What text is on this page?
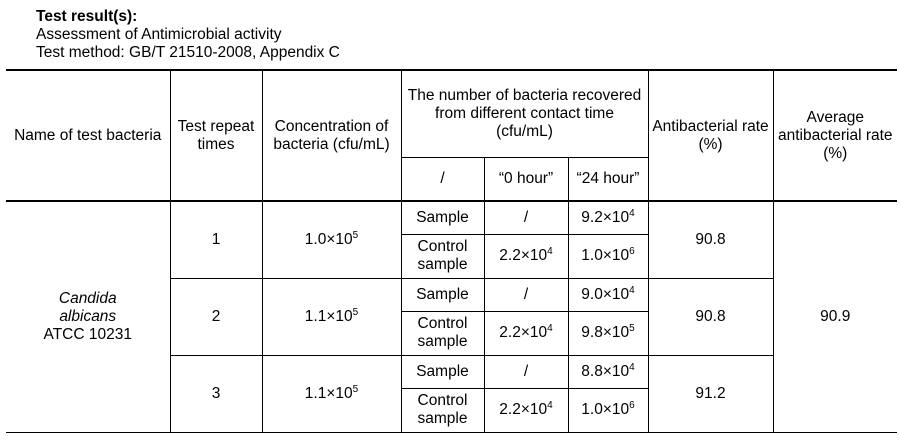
Test result(s):
Assessment of Antimicrobial activity
Test method: GB/T 21510-2008, Appendix C
Name of test bacteria	Test repeat times	Concentration of bacteria (cfu/mL)	The number of bacteria recovered from different contact time (cfu/mL)			Antibacterial rate (%)	Average antibacterial rate (%)
			/	“0 hour”	“24 hour”		

Candida
albicans
ATCC 10231	1	$1.0\times 10^5$	Sample	/	$9.2\times 10^4$	90.8	90.9
			Control sample	$2.2\times 10^4$	$1.0\times 10^6$
	2	$1.1\times 10^5$	Sample	/	$9.0\times 10^4$	90.8	
			Control sample	$2.2\times 10^4$	$9.8\times 10^5$
	3	$1.1\times 10^5$	Sample	/	$8.8\times 10^4$	91.2	
			Control sample	$2.2\times 10^4$	$1.0\times 10^6$
